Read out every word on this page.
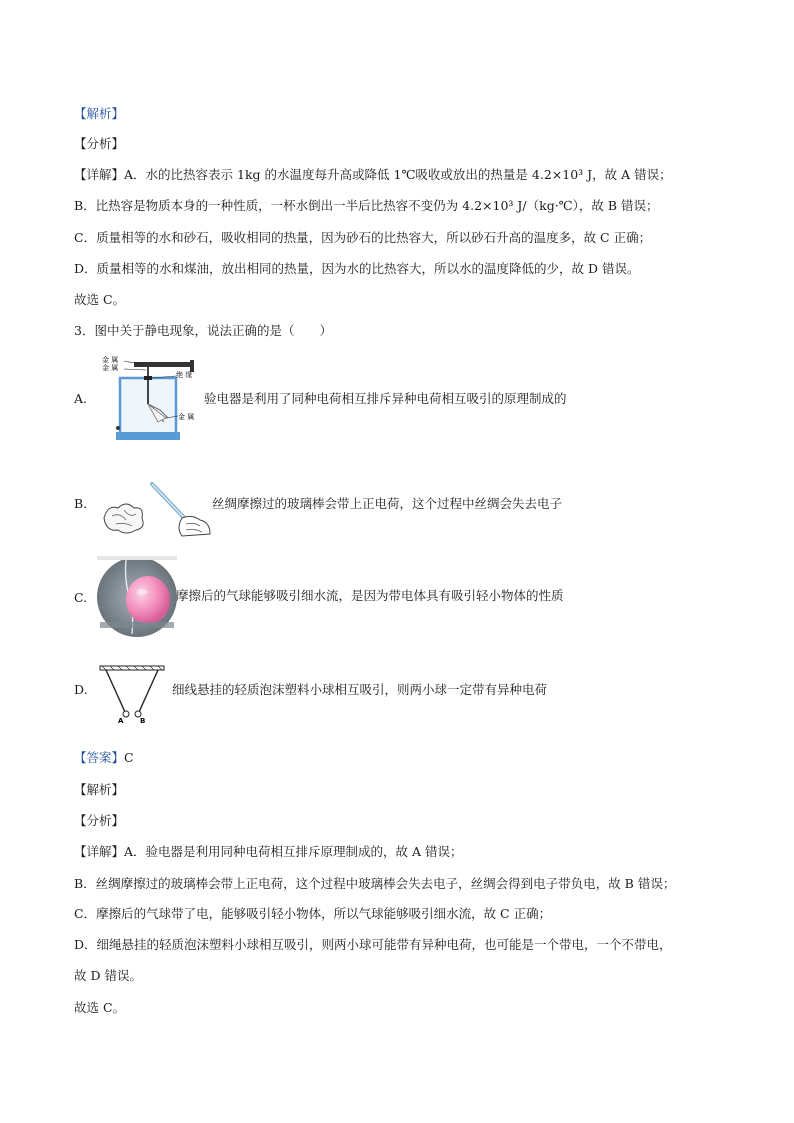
【解析】
【分析】
【详解】A．水的比热容表示 1kg 的水温度每升高或降低 1℃吸收或放出的热量是 4.2×10³ J，故 A 错误；
B．比热容是物质本身的一种性质，一杯水倒出一半后比热容不变仍为 4.2×10³ J/（kg·℃），故 B 错误；
C．质量相等的水和砂石，吸收相同的热量，因为砂石的比热容大，所以砂石升高的温度多，故 C 正确；
D．质量相等的水和煤油，放出相同的热量，因为水的比热容大，所以水的温度降低的少，故 D 错误。
故选 C。
3．图中关于静电现象，说法正确的是（　　）
A.
金 属
金 属
绝 缘
金 属
验电器是利用了同种电荷相互排斥异种电荷相互吸引的原理制成的
B.	丝绸摩擦过的玻璃棒会带上正电荷，这个过程中丝绸会失去电子
C.	摩擦后的气球能够吸引细水流，是因为带电体具有吸引轻小物体的性质
D.
A B
细线悬挂的轻质泡沫塑料小球相互吸引，则两小球一定带有异种电荷
【答案】C
【解析】
【分析】
【详解】A．验电器是利用同种电荷相互排斥原理制成的，故 A 错误；
B．丝绸摩擦过的玻璃棒会带上正电荷，这个过程中玻璃棒会失去电子，丝绸会得到电子带负电，故 B 错误；
C．摩擦后的气球带了电，能够吸引轻小物体，所以气球能够吸引细水流，故 C 正确；
D．细绳悬挂的轻质泡沫塑料小球相互吸引，则两小球可能带有异种电荷，也可能是一个带电，一个不带电，
故 D 错误。
故选 C。
